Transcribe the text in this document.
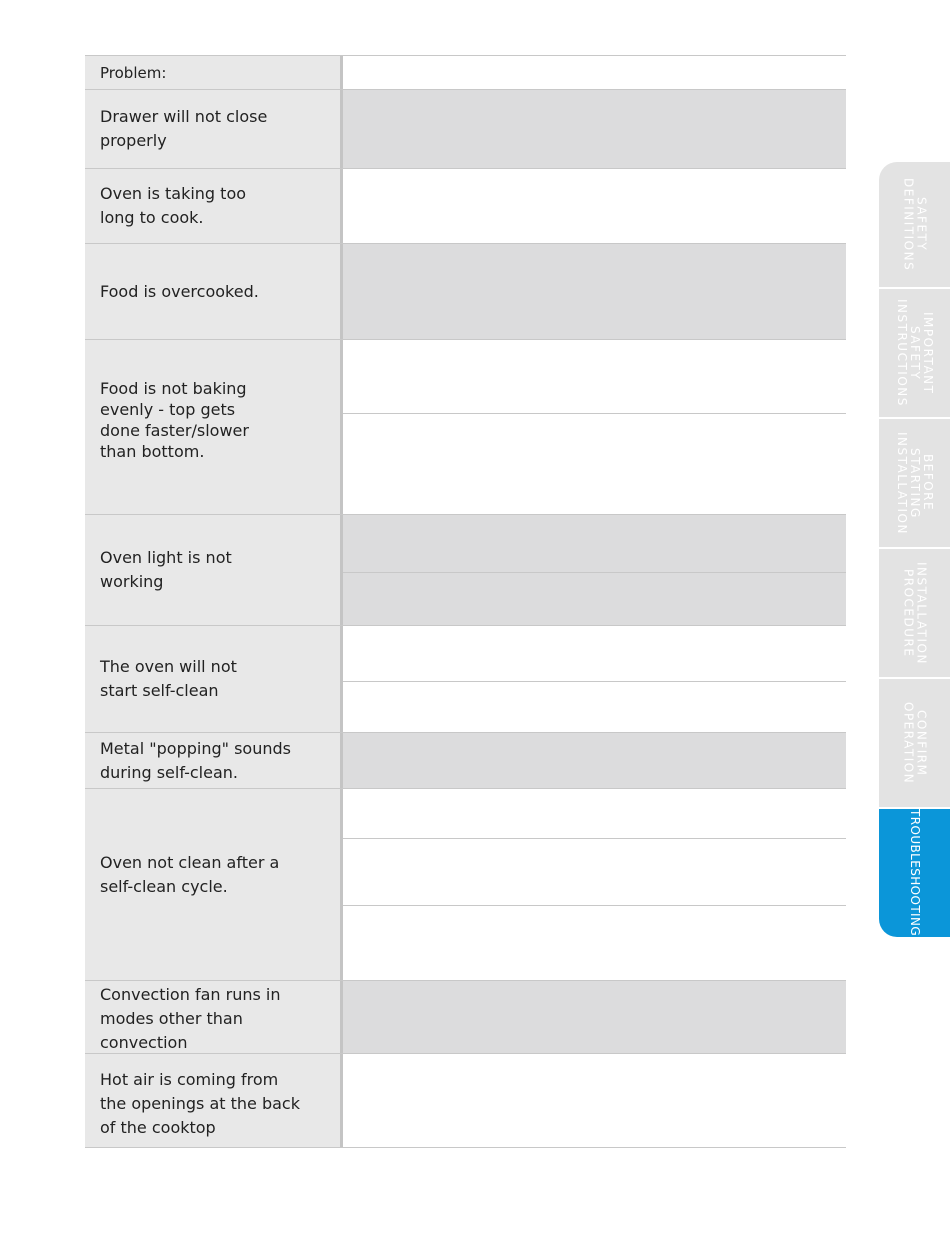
Problem:
Drawer will not close
properly
Oven is taking too
long to cook.
Food is overcooked.
Food is not baking
evenly - top gets
done faster/slower
than bottom.
Oven light is not
working
The oven will not
start self-clean
Metal "popping" sounds
during self-clean.
Oven not clean after a
self-clean cycle.
Convection fan runs in
modes other than
convection
Hot air is coming from
the openings at the back
of the cooktop
SAFETY
DEFINITIONS
IMPORTANT
SAFETY
INSTRUCTIONS
BEFORE
STARTING
INSTALLATION
INSTALLATION
PROCEDURE
CONFIRM
OPERATION
TROUBLESHOOTING
